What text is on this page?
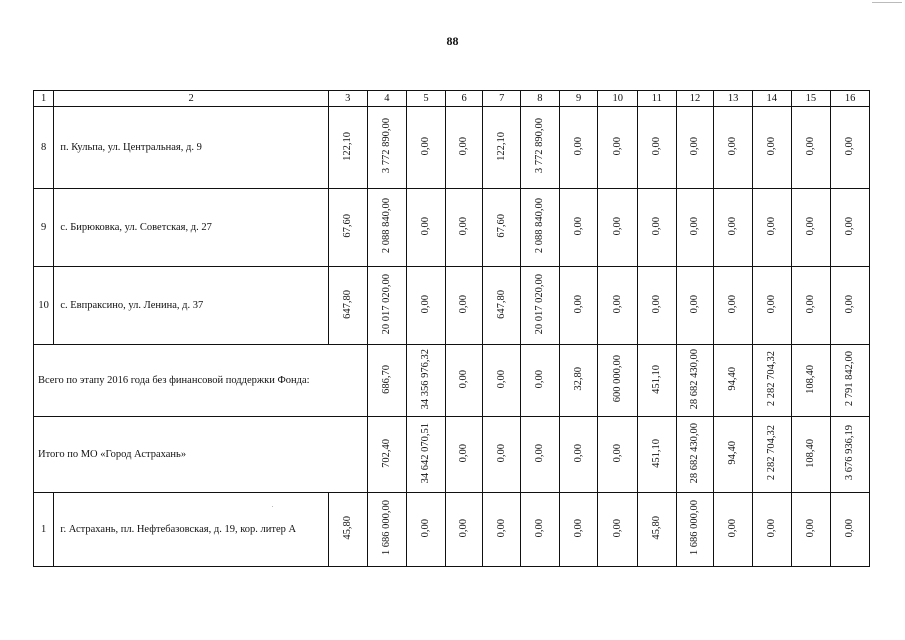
88
1	2	3	4	5	6	7	8	9	10	11	12	13	14	15	16
8	п. Кульпа, ул. Центральная, д. 9	122,10	3 772 890,00	0,00	0,00	122,10	3 772 890,00	0,00	0,00	0,00	0,00	0,00	0,00	0,00	0,00
9	с. Бирюковка, ул. Советская, д. 27	67,60	2 088 840,00	0,00	0,00	67,60	2 088 840,00	0,00	0,00	0,00	0,00	0,00	0,00	0,00	0,00
10	с. Евпраксино, ул. Ленина, д. 37	647,80	20 017 020,00	0,00	0,00	647,80	20 017 020,00	0,00	0,00	0,00	0,00	0,00	0,00	0,00	0,00
Всего по этапу 2016 года без финансовой поддержки Фонда:			686,70	34 356 976,32	0,00	0,00	0,00	32,80	600 000,00	451,10	28 682 430,00	94,40	2 282 704,32	108,40	2 791 842,00
Итого по МО «Город Астрахань»			702,40	34 642 070,51	0,00	0,00	0,00	0,00	0,00	451,10	28 682 430,00	94,40	2 282 704,32	108,40	3 676 936,19
1	г. Астрахань, пл. Нефтебазовская, д. 19, кор. литер А	45,80	1 686 000,00	0,00	0,00	0,00	0,00	0,00	0,00	45,80	1 686 000,00	0,00	0,00	0,00	0,00
